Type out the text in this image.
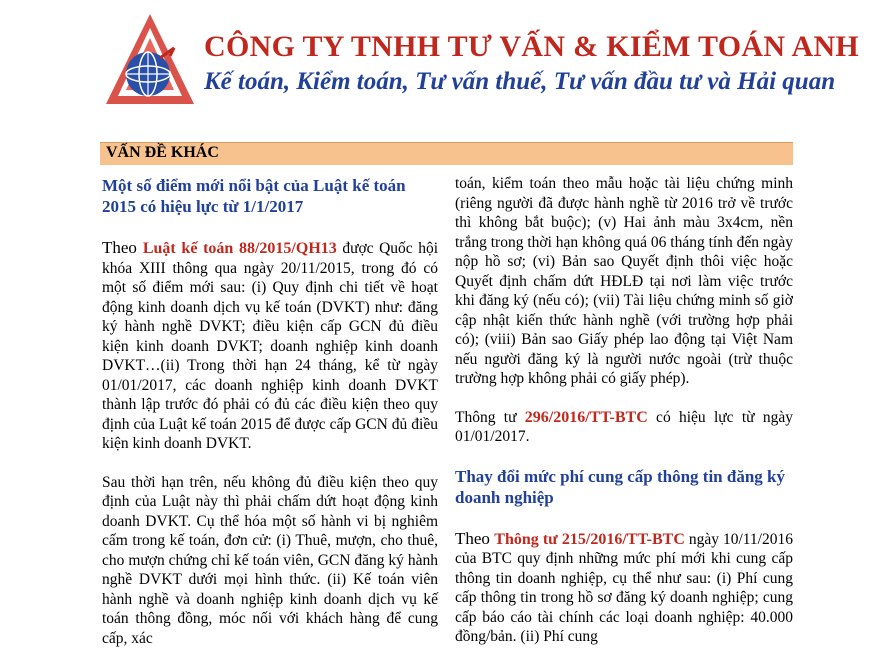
CÔNG TY TNHH TƯ VẤN & KIỂM TOÁN ANH
Kế toán, Kiểm toán, Tư vấn thuế, Tư vấn đầu tư và Hải quan
VẤN ĐỀ KHÁC
Một số điểm mới nổi bật của Luật kế toán 2015 có hiệu lực từ 1/1/2017

Theo Luật kế toán 88/2015/QH13 được Quốc hội khóa XIII thông qua ngày 20/11/2015, trong đó có một số điểm mới sau: (i) Quy định chi tiết về hoạt động kinh doanh dịch vụ kế toán (DVKT) như: đăng ký hành nghề DVKT; điều kiện cấp GCN đủ điều kiện kinh doanh DVKT; doanh nghiệp kinh doanh DVKT…(ii) Trong thời hạn 24 tháng, kể từ ngày 01/01/2017, các doanh nghiệp kinh doanh DVKT thành lập trước đó phải có đủ các điều kiện theo quy định của Luật kế toán 2015 để được cấp GCN đủ điều kiện kinh doanh DVKT.

Sau thời hạn trên, nếu không đủ điều kiện theo quy định của Luật này thì phải chấm dứt hoạt động kinh doanh DVKT. Cụ thể hóa một số hành vi bị nghiêm cấm trong kế toán, đơn cử: (i) Thuê, mượn, cho thuê, cho mượn chứng chỉ kế toán viên, GCN đăng ký hành nghề DVKT dưới mọi hình thức. (ii) Kế toán viên hành nghề và doanh nghiệp kinh doanh dịch vụ kế toán thông đồng, móc nối với khách hàng để cung cấp, xác

toán, kiểm toán theo mẫu hoặc tài liệu chứng minh (riêng người đã được hành nghề từ 2016 trở về trước thì không bắt buộc); (v) Hai ảnh màu 3x4cm, nền trắng trong thời hạn không quá 06 tháng tính đến ngày nộp hồ sơ; (vi) Bản sao Quyết định thôi việc hoặc Quyết định chấm dứt HĐLĐ tại nơi làm việc trước khi đăng ký (nếu có); (vii) Tài liệu chứng minh số giờ cập nhật kiến thức hành nghề (với trường hợp phải có); (viii) Bản sao Giấy phép lao động tại Việt Nam nếu người đăng ký là người nước ngoài (trừ thuộc trường hợp không phải có giấy phép).

Thông tư 296/2016/TT-BTC có hiệu lực từ ngày 01/01/2017.

Thay đổi mức phí cung cấp thông tin đăng ký doanh nghiệp

Theo Thông tư 215/2016/TT-BTC ngày 10/11/2016 của BTC quy định những mức phí mới khi cung cấp thông tin doanh nghiệp, cụ thể như sau: (i) Phí cung cấp thông tin trong hồ sơ đăng ký doanh nghiệp; cung cấp báo cáo tài chính các loại doanh nghiệp: 40.000 đồng/bản. (ii) Phí cung
